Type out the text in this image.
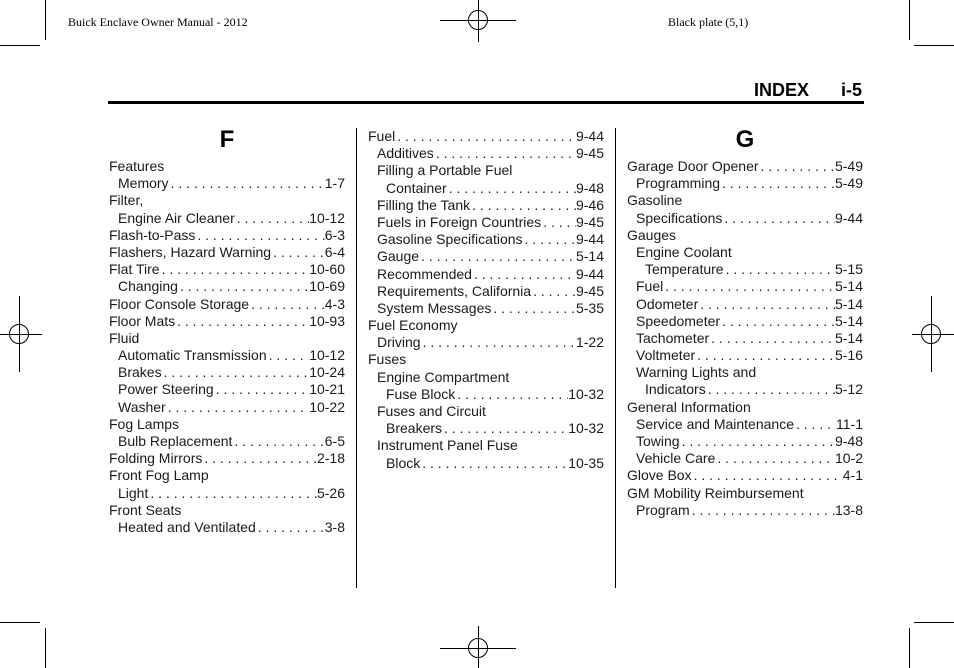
Buick Enclave Owner Manual - 2012	Black plate (5,1)
INDEX i-5
F
Features
Memory . . .	1-7
Filter,
Engine Air Cleaner . . .	10-12
Flash-to-Pass . . .	6-3
Flashers, Hazard Warning . . .	6-4
Flat Tire . . .	10-60
Changing . . .	10-69
Floor Console Storage . . .	4-3
Floor Mats . . .	10-93
Fluid
Automatic Transmission . . .	10-12
Brakes . . .	10-24
Power Steering . . .	10-21
Washer . . .	10-22
Fog Lamps
Bulb Replacement . . .	6-5
Folding Mirrors . . .	2-18
Front Fog Lamp
Light . . .	5-26
Front Seats
Heated and Ventilated . . .	3-8
Fuel . . .	9-44
Additives . . .	9-45
Filling a Portable Fuel
Container . . .	9-48
Filling the Tank . . .	9-46
Fuels in Foreign Countries . . . 9-45
Gasoline Specifications . . .	9-44
Gauge . . .	5-14
Recommended . . .	9-44
Requirements, California . . .	9-45
System Messages . . .	5-35
Fuel Economy
Driving . . .	1-22
Fuses
Engine Compartment
Fuse Block . . .	10-32
Fuses and Circuit
Breakers . . .	10-32
Instrument Panel Fuse
Block . . .	10-35
G
Garage Door Opener . . .	5-49
Programming . . .	5-49
Gasoline
Specifications . . .	9-44
Gauges
Engine Coolant
Temperature . . .	5-15
Fuel . . .	5-14
Odometer . . .	5-14
Speedometer . . .	5-14
Tachometer . . .	5-14
Voltmeter . . .	5-16
Warning Lights and
Indicators . . .	5-12
General Information
Service and Maintenance . . .	11-1
Towing . . .	9-48
Vehicle Care . . .	10-2
Glove Box . . .	4-1
GM Mobility Reimbursement
Program . . .	13-8
